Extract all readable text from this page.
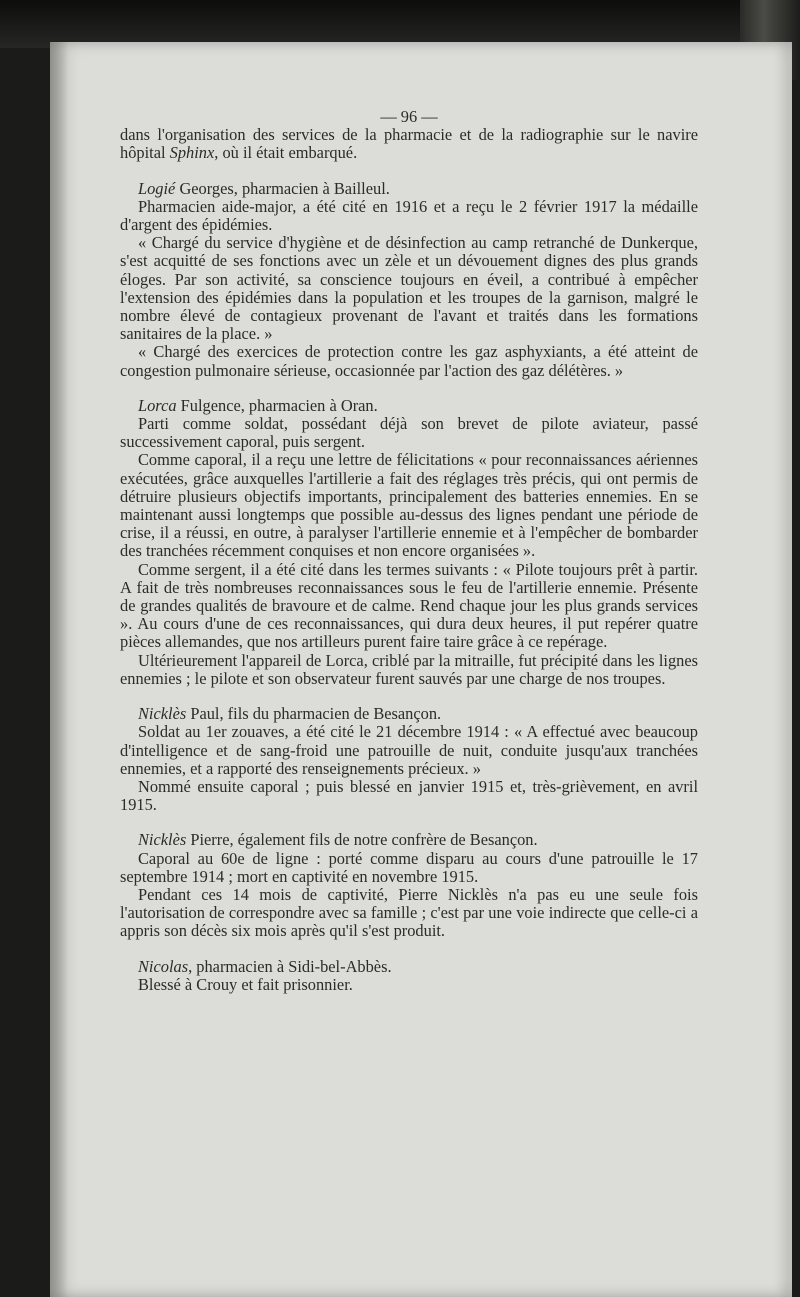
— 96 —

dans l'organisation des services de la pharmacie et de la radiographie sur le navire hôpital Sphinx, où il était embarqué.

Logié Georges, pharmacien à Bailleul.

Pharmacien aide-major, a été cité en 1916 et a reçu le 2 février 1917 la médaille d'argent des épidémies.

« Chargé du service d'hygiène et de désinfection au camp retranché de Dunkerque, s'est acquitté de ses fonctions avec un zèle et un dévouement dignes des plus grands éloges. Par son activité, sa conscience toujours en éveil, a contribué à empêcher l'extension des épidémies dans la population et les troupes de la garnison, malgré le nombre élevé de contagieux provenant de l'avant et traités dans les formations sanitaires de la place. »

« Chargé des exercices de protection contre les gaz asphyxiants, a été atteint de congestion pulmonaire sérieuse, occasionnée par l'action des gaz délétères. »

Lorca Fulgence, pharmacien à Oran.

Parti comme soldat, possédant déjà son brevet de pilote aviateur, passé successivement caporal, puis sergent.

Comme caporal, il a reçu une lettre de félicitations « pour reconnaissances aériennes exécutées, grâce auxquelles l'artillerie a fait des réglages très précis, qui ont permis de détruire plusieurs objectifs importants, principalement des batteries ennemies. En se maintenant aussi longtemps que possible au-dessus des lignes pendant une période de crise, il a réussi, en outre, à paralyser l'artillerie ennemie et à l'empêcher de bombarder des tranchées récemment conquises et non encore organisées ».

Comme sergent, il a été cité dans les termes suivants : « Pilote toujours prêt à partir. A fait de très nombreuses reconnaissances sous le feu de l'artillerie ennemie. Présente de grandes qualités de bravoure et de calme. Rend chaque jour les plus grands services ». Au cours d'une de ces reconnaissances, qui dura deux heures, il put repérer quatre pièces allemandes, que nos artilleurs purent faire taire grâce à ce repérage.

Ultérieurement l'appareil de Lorca, criblé par la mitraille, fut précipité dans les lignes ennemies ; le pilote et son observateur furent sauvés par une charge de nos troupes.

Nicklès Paul, fils du pharmacien de Besançon.

Soldat au 1er zouaves, a été cité le 21 décembre 1914 : « A effectué avec beaucoup d'intelligence et de sang-froid une patrouille de nuit, conduite jusqu'aux tranchées ennemies, et a rapporté des renseignements précieux. »

Nommé ensuite caporal ; puis blessé en janvier 1915 et, très-grièvement, en avril 1915.

Nicklès Pierre, également fils de notre confrère de Besançon.

Caporal au 60e de ligne : porté comme disparu au cours d'une patrouille le 17 septembre 1914 ; mort en captivité en novembre 1915.

Pendant ces 14 mois de captivité, Pierre Nicklès n'a pas eu une seule fois l'autorisation de correspondre avec sa famille ; c'est par une voie indirecte que celle-ci a appris son décès six mois après qu'il s'est produit.

Nicolas, pharmacien à Sidi-bel-Abbès.

Blessé à Crouy et fait prisonnier.
